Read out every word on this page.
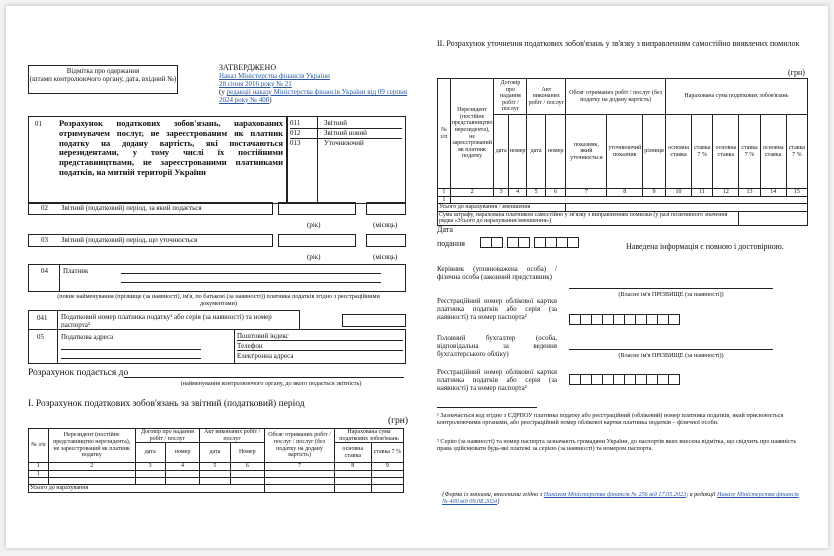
Відмітка про одержання
(штамп контролюючого органу, дата, вхідний №)
ЗАТВЕРДЖЕНО
Наказ Міністерства фінансів України
28 січня 2016 року № 21
(у редакції наказу Міністерства фінансів України від 09 серпня 2024 року № 400)
01 Розрахунок податкових зобов'язань, нарахованих отримувачем послуг, не зареєстрованим як платник податку на додану вартість, які постачаються нерезидентами, у тому числі їх постійними представництвами, не зареєстрованими платниками податків, на митній території України
011	Звітний
012	Звітний новий
013	Уточнюючий
02 Звітний (податковий) період, за який подається
(рік)	(місяць)
03 Звітний (податковий) період, що уточнюється
(рік)	(місяць)
04 Платник
(повне найменування (прізвище (за наявності), ім'я, по батькові (за наявності)) платника податків згідно з реєстраційними документами)
041 Податковий номер платника податку¹ або серія (за наявності) та номер паспорта²
05 Податкова адреса	Поштовий індекс
Телефон
Електронна адреса
Розрахунок подається до
(найменування контролюючого органу, до якого подається звітність)
І. Розрахунок податкових зобов'язань за звітний (податковий) період
(грн)
№ з/п	Нерезидент (постійне представництво нерезидента), не зареєстрований як платник податку	Договір про надання робіт / послуг		Акт виконаних робіт / послуг		Обсяг отриманих робіт / послуг / послуг (без податку на додану вартість)	Нарахована сума податкових зобов'язань	
		дата	номер	дата	Номер		основна ставка	ставка 7 %
1	2	3	4	5	6	7	8	9
1								

Усього до нарахування								
ІІ. Розрахунок уточнення податкових зобов'язань у зв'язку з виправленням самостійно виявлених помилок
(грн)
№ з/п	Нерезидент (постійне представництво нерезидента), не зареєстрований як платник податку	Договір про надання робіт / послуг		Акт виконаних робіт / послуг		Обсяг отриманих робіт / послуг (без податку на додану вартість)			Нарахована сума податкових зобов'язань					
		дата	номер	дата	номер	показник, який уточнюється	уточнюючий показник	різниця	основна ставка	ставка 7 %	основна ставка	ставка 7 %	основна ставка	ставка 7 %
1	2	3	4	5	6	7	8	9	10	11	12	13	14	15
1														
Усього до нарахування / зменшення														
Сума штрафу, нарахована платником самостійно у зв'язку з виправленням помилки (у разі позитивного значення рядка «Усього до нарахування/зменшення»)														
Дата
подання	.	.	Наведена інформація є повною і достовірною.
Керівник (уповноважена особа) / фізична особа (законний представник)
(Власне ім'я ПРІЗВИЩЕ (за наявності))
Реєстраційний номер облікової картки платника податків або серія (за наявності) та номер паспорта²
Головний бухгалтер (особа, відповідальна за ведення бухгалтерського обліку)	(Власне ім'я ПРІЗВИЩЕ (за наявності))
Реєстраційний номер облікової картки платника податків або серія (за наявності) та номер паспорта²
¹ Зазначається код згідно з ЄДРПОУ платника податку або реєстраційний (обліковий) номер платника податків, який присвоюється контролюючими органами, або реєстраційний номер облікової картки платника податків – фізичної особи.
² Серію (за наявності) та номер паспорта зазначають громадяни України, до паспортів яких внесена відмітка, що свідчить про наявність права здійснювати будь-які платежі за серією (за наявності) та номером паспорта.
{Форма із змінами, внесеними згідно з Наказом Міністерства фінансів № 256 від 17.05.2023; в редакції Наказу Міністерства фінансів № 400 від 09.08.2024}
